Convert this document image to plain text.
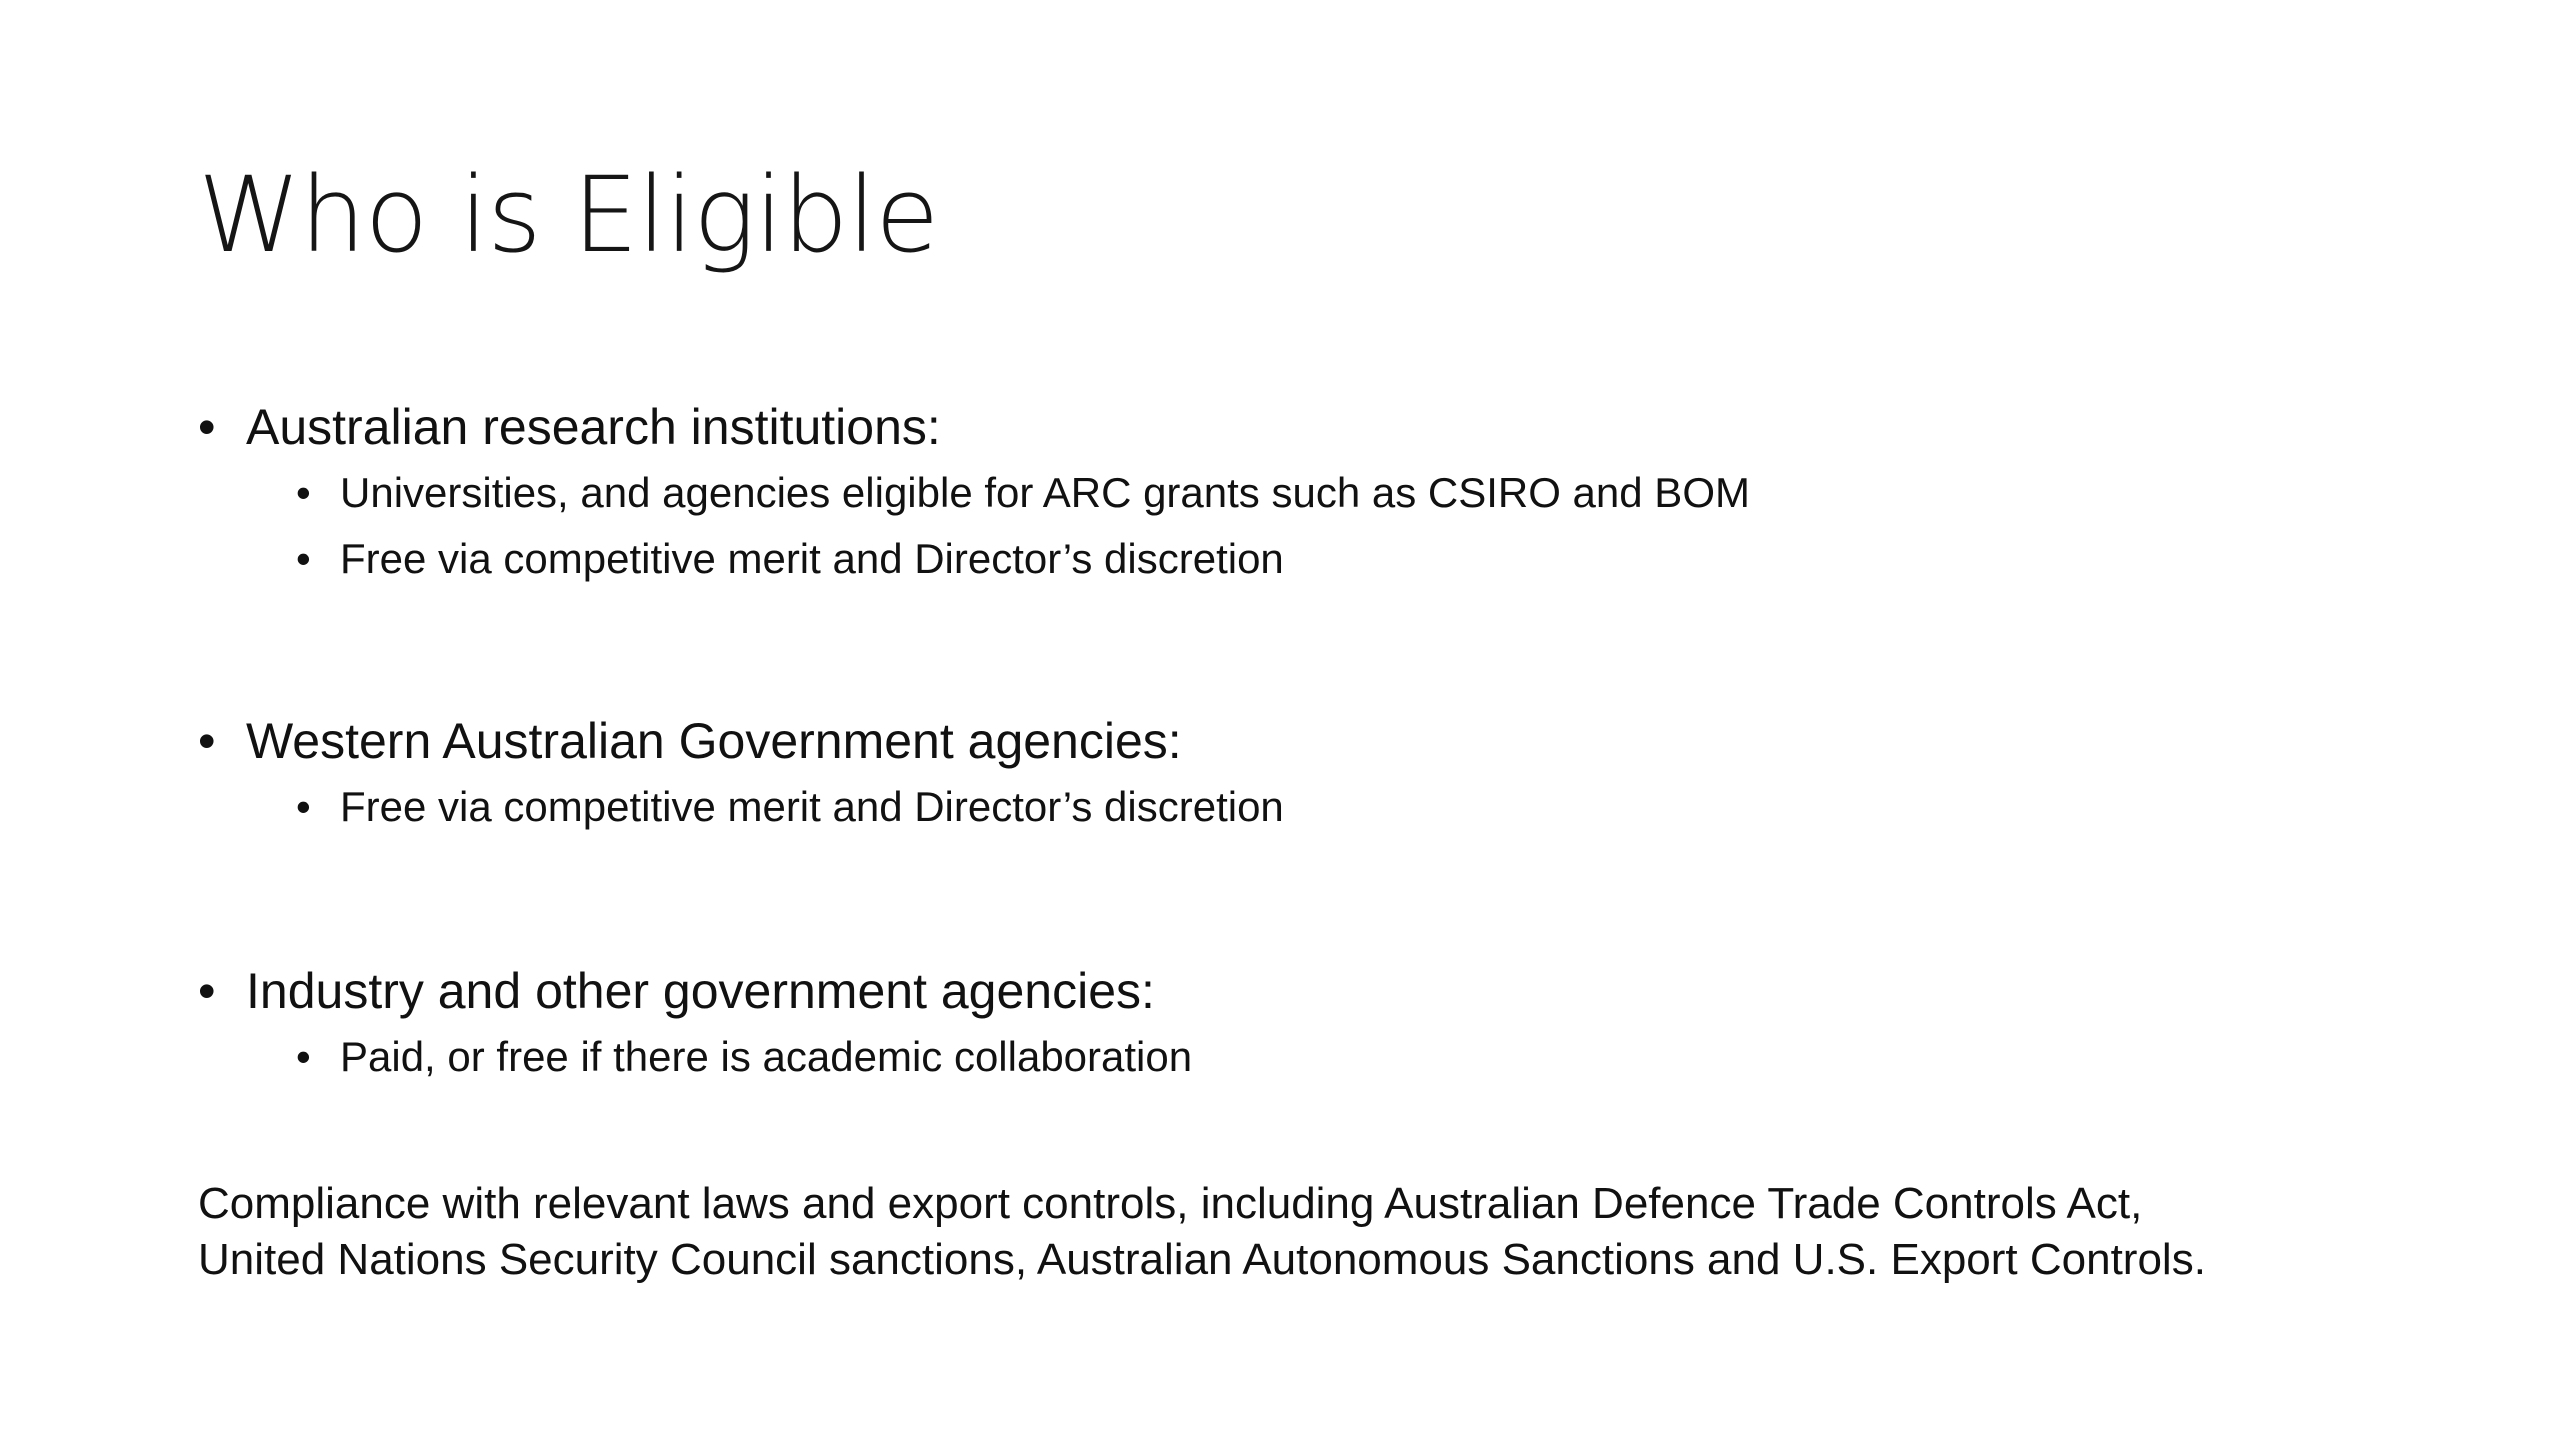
Who is Eligible
• Australian research institutions:
• Universities, and agencies eligible for ARC grants such as CSIRO and BOM
• Free via competitive merit and Director’s discretion
• Western Australian Government agencies:
• Free via competitive merit and Director’s discretion
• Industry and other government agencies:
• Paid, or free if there is academic collaboration

Compliance with relevant laws and export controls, including Australian Defence Trade Controls Act,
United Nations Security Council sanctions, Australian Autonomous Sanctions and U.S. Export Controls.
